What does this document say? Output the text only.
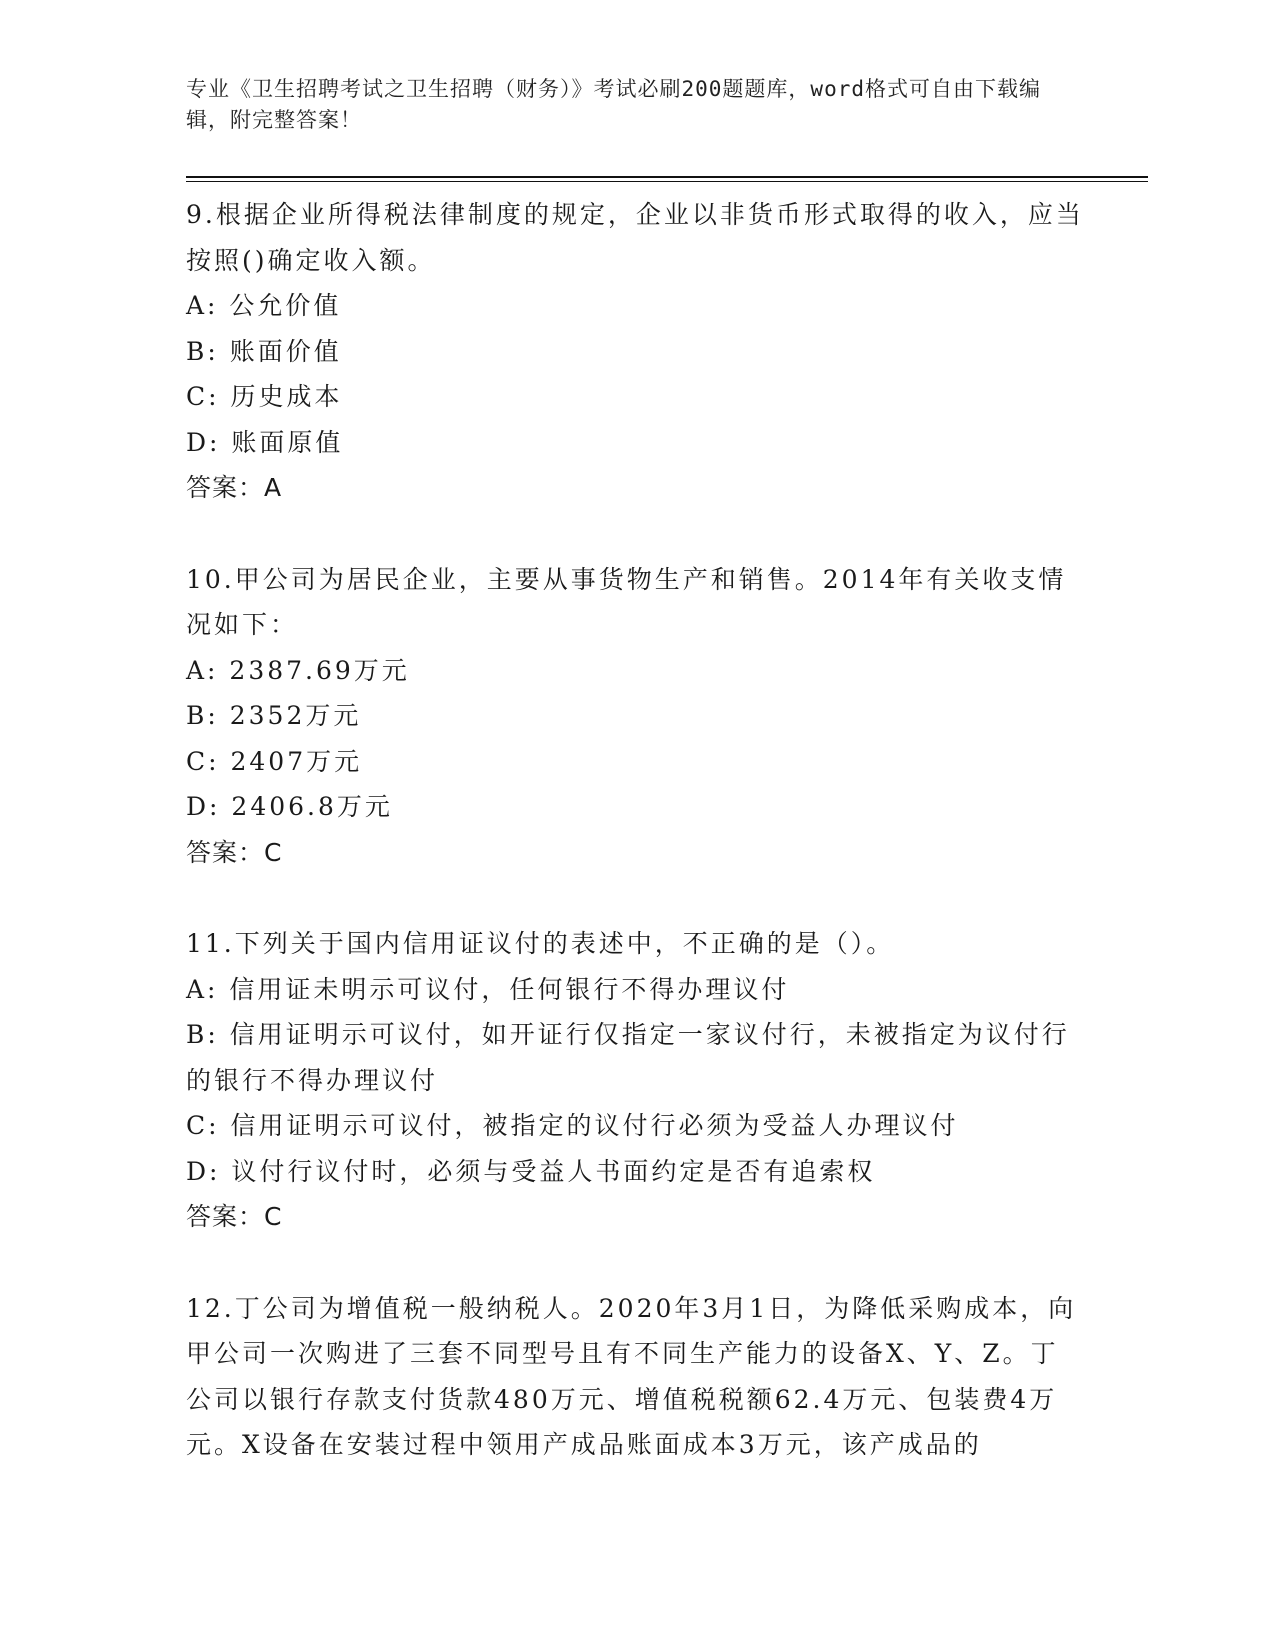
专业《卫生招聘考试之卫生招聘（财务）》考试必刷200题题库，word格式可自由下载编辑，附完整答案！

9.根据企业所得税法律制度的规定，企业以非货币形式取得的收入，应当按照()确定收入额。

A: 公允价值

B: 账面价值

C: 历史成本

D: 账面原值

答案：A

10.甲公司为居民企业，主要从事货物生产和销售。2014年有关收支情况如下：

A: 2387.69万元

B: 2352万元

C: 2407万元

D: 2406.8万元

答案：C

11.下列关于国内信用证议付的表述中，不正确的是（）。

A: 信用证未明示可议付，任何银行不得办理议付

B: 信用证明示可议付，如开证行仅指定一家议付行，未被指定为议付行的银行不得办理议付

C: 信用证明示可议付，被指定的议付行必须为受益人办理议付

D: 议付行议付时，必须与受益人书面约定是否有追索权

答案：C

12.丁公司为增值税一般纳税人。2020年3月1日，为降低采购成本，向甲公司一次购进了三套不同型号且有不同生产能力的设备X、Y、Z。丁公司以银行存款支付货款480万元、增值税税额62.4万元、包装费4万元。X设备在安装过程中领用产成品账面成本3万元，该产成品的
